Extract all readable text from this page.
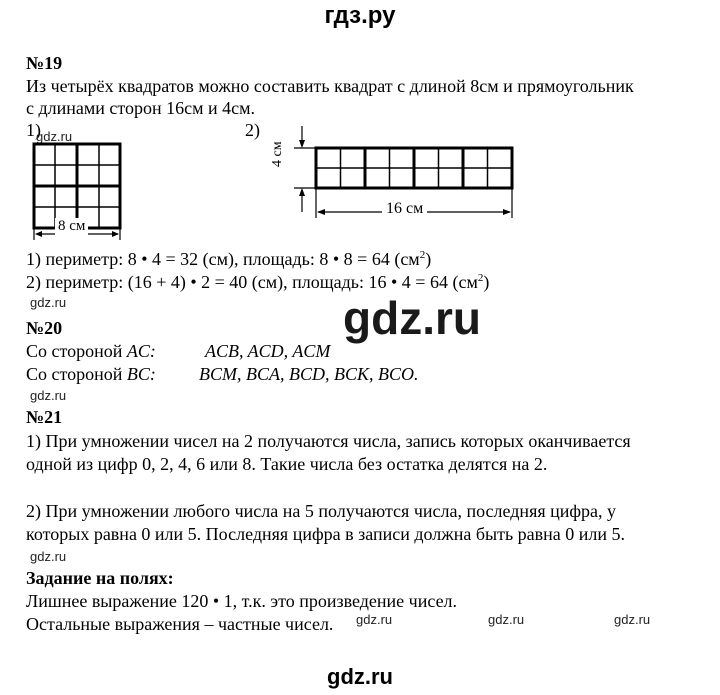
гдз.ру
№19
Из четырёх квадратов можно составить квадрат с длиной 8см и прямоугольник
с длинами сторон 16см и 4см.
1)
gdz.ru	2)
8 см
16 см
4 см
1) периметр: 8 • 4 = 32 (см), площадь: 8 • 8 = 64 $(см^2)$
2) периметр: (16 + 4) • 2 = 40 (см), площадь: 16 • 4 = 64 $(см^2)$
gdz.ru	gdz.ru
№20
Со стороной AC:	ACB, ACD, ACM
Со стороной BC: BCM, BCA, BCD, BCK, BCO.
gdz.ru
№21
1) При умножении чисел на 2 получаются числа, запись которых оканчивается
одной из цифр 0, 2, 4, 6 или 8. Такие числа без остатка делятся на 2.
2) При умножении любого числа на 5 получаются числа, последняя цифра, у
которых равна 0 или 5. Последняя цифра в записи должна быть равна 0 или 5.
gdz.ru
Задание на полях:
Лишнее выражение 120 • 1, т.к. это произведение чисел.
Остальные выражения – частные чисел. gdz.ru	gdz.ru	gdz.ru
gdz.ru
